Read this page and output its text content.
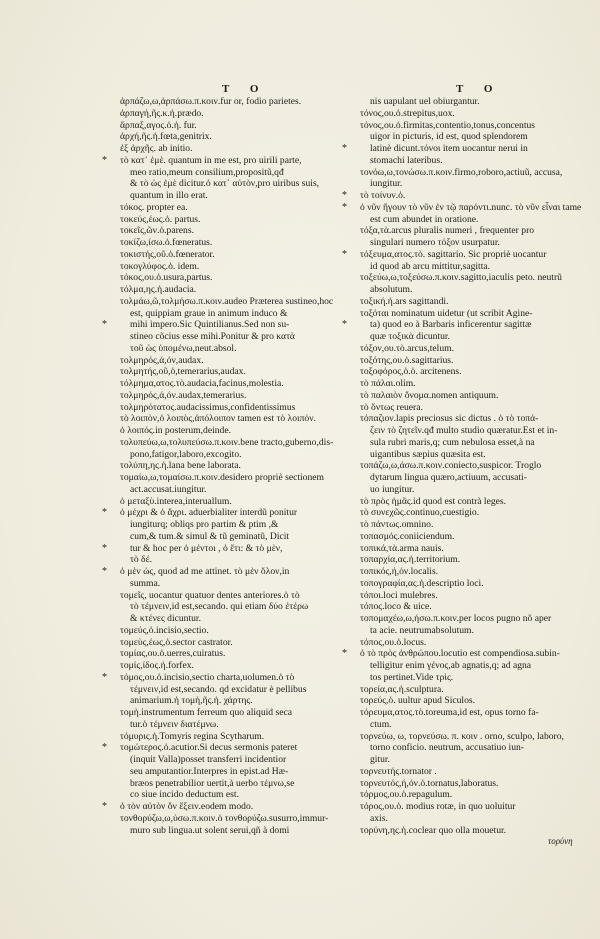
T O	T O
ἁρπάζω,ω,ἁρπάσω.π.κοιν.fur or, fodio parietes.
ἁρπαγή,ῆς.κ.ἡ.prædo.
ἅρπαξ,αγος.ὁ.ἡ. fur.
ἀρχή,ῆς.ἡ.fœta,genitrix.
ἐξ ἀρχῆς. ab initio.
* τὸ κατ᾽ ἐμὲ. quantum in me est, pro uirili parte,
meo ratio,meum consilium,propositũ,qđ
& τὸ ὡς ἐμὲ dicitur.ὁ κατ᾽ αὐτὸν,pro uiribus suis,
quantum in illo erat.
τόκος. propter ea.
τοκεύς,έως.ὁ. partus.
τοκεῖς,ῶν.ὁ.parens.
τοκίζω,ίσω.ὁ.fœneratus.
τοκιστής,οῦ.ὁ.fœnerator.
τοκογλύφος.ὁ. idem.
τόκος,ου.ὁ.usura,partus.
τόλμα,ης.ἡ.audacia.
τολμάω,ῶ,τολμήσω.π.κοιν.audeo Præterea sustineo,hoc
est, quippiam graue in animum induco &
* mihi impero.Sic Quintilianus.Sed non su-
stineo cõcius esse mihi.Ponitur & pro κατὰ
τοῦ ὡς ὑπομένω,neut.absol.
τολμηρός,ά,όν,audax.
τολμητής,οῦ,ὁ,temerarius,audax.
τόλμημα,ατος.τὸ.audacia,facinus,molestia.
τολμηρός,ά,όν.audax,temerarius.
τολμηρότατος.audacissimus,confidentissimus
τὸ λοιπὸν,ὁ λοιπὸς,ἀπόλοιπον tamen est τὸ λοιπόν.
ὁ λοιπός.in posterum,deinde.
τολυπεύω,ω,τολυπεύσω.π.κοιν.bene tracto,guberno,dis-
pono,fatigor,laboro,excogito.
τολύπη,ης.ἡ.lana bene laborata.
τομαίω,ω,τομαίσω.π.κοιν.desidero propriè sectionem
act.accusat.iungitur.
ὁ μεταξὺ.interea,interuallum.
* ὁ μέχρι & ὁ ἄχρι. aduerbialiter interdũ ponitur
iungiturq; obliqs pro partim & ptim ,&
cum,& tum.& simul & tũ geminatũ, Dicit
* tur & hoc per ὁ μέντοι , ὁ ἔτι: & τὸ μὲν,
τὸ δέ.
* ὁ μὲν ὡς, quod ad me attinet. τὸ μὲν ὅλον,in
summa.
τομεῖς, uocantur quatuor dentes anteriores.ὁ τὸ
τὸ τέμνειν,id est,secando. qui etiam δύο ἐτέρω
& κτένες dicuntur.
τομεύς,ὁ.incisio,sectio.
τομεὺς,έως,ὁ.sector castrator.
τομίας,ου.ὁ.uerres,cuiratus.
τομίς,ίδος.ἡ.forfex.
* τόμος,ου.ὁ.incisio,sectio charta,uolumen.ὁ τὸ
τέμνειν,id est,secando. qd excidatur è pellibus
animarium.ἡ τομὴ,ῆς.ἡ. χάρτης.
τομὴ.instrumentum ferreum quo aliquid seca
tur.ὁ τέμνειν διατέμνω.
τόμυρις.ἡ.Tomyris regina Scytharum.
* τομώτερος.ὁ.acutior.Si decus sermonis pateret
(inquit Valla)posset transferri incidentior
seu amputantior.Interpres in epist.ad Hæ-
bræos penetrabilior uertit,à uerbo τέμνω,se
co siue incido deductum est.
* ὁ τὸν αὐτὸν ὅν ἕξειν.eodem modo.
τονθορύζω,ω,ύσω.π.κοιν.ὁ τονθορύζω.susurro,immur-
muro sub lingua.ut solent serui,qñ à domi
nis uapulant uel obiurgantur.
τόνος,ου.ὁ.strepitus,uox.
τόνος,ου.ὁ.firmitas,contentio,tonus,concentus
uigor in picturis, id est, quod splendorem
* latinè dicunt.τόνοι item uocantur nerui in
stomachi lateribus.
τονόω,ω,τονώσω.π.κοιν.firmo,roboro,actiuũ, accusa,
iungitur.
* τὸ τοίνυν.ὁ.
* ὁ νῦν ἤγουν τὸ νῦν ἐν τῷ παρόντι.nunc. τὸ νῦν εἶναι tame
est cum abundet in oratione.
τόξα,τὰ.arcus pluralis numeri , frequenter pro
singulari numero τόξον usurpatur.
* τόξευμα,ατος.τὸ. sagittario. Sic propriè uocantur
id quod ab arcu mittitur,sagitta.
τοξεύω,ω,τοξεύσω.π.κοιν.sagitto,iaculis peto. neutrũ
absolutum.
τοξική.ἡ.ars sagittandi.
τοξόται nominatum uidetur (ut scribit Agine-
* ta) quod eo à Barbaris inficerentur sagittæ
quæ τοξικὰ dicuntur.
τόξον,ου.τὸ.arcus,telum.
τοξότης,ου.ὁ.sagittarius.
τοξοφόρος,ὁ.ὁ. arcitenens.
τὸ πάλαι.olim.
τὸ παλαιὸν ὄνομα.nomen antiquum.
τὸ ὄντως reuera.
τόπαζιον.lapis preciosus sic dictus . ὁ τὸ τοπά-
ζειν τὸ ζητεῖν.qđ multo studio quæratur.Est et in-
sula rubri maris,q; cum nebulosa esset,à na
uigantibus sæpius quæsita est.
τοπάζω,ω,άσω.π.κοιν.coniecto,suspicor. Troglo
dytarum lingua quæro,actiuum, accusati-
uo iungitur.
τὸ πρὸς ἡμᾶς.id quod est contrà leges.
τὸ συνεχῶς.continuo,cuestigio.
τὸ πάντως.omnino.
τοπασμός.coniiciendum.
τοπικά,τὰ.arma nauis.
τοπαρχία,ας.ἡ.territorium.
τοπικός,ή,όν.localis.
τοπογραφία,ας.ἡ.descriptio loci.
τόποι.loci mulebres.
τόπος.loco & uice.
τοπομαχέω,ω,ήσω.π.κοιν.per locos pugno nõ aper
ta acie. neutrumabsolutum.
τόπος,ου.ὁ.locus.
* ὁ τὸ πρὸς ἀνθρώπου.locutio est compendiosa.subin-
telligitur enim γένος,ab agnatis,q; ad agna
tos pertinet.Vide τρὶς.
τορεία,ας.ἡ.sculptura.
τορεύς,ὁ. uultur apud Siculos.
τόρευμα,ατος.τὸ.toreuma,id est, opus torno fa-
ctum.
τορνεύω, ω, τορνεύσω. π. κοιν . orno, sculpo, laboro,
torno conficio. neutrum, accusatiuo iun-
gitur.
τορνευτής.tornator .
τορνευτός,ή,όν.ὁ.tornatus,laboratus.
τόρμος,ου.ὁ.repagulum.
τόρος,ου.ὁ. modius rotæ, in quo uoluitur
axis.
τορύνη,ης.ἡ.coclear quo olla mouetur.
τορύνη
